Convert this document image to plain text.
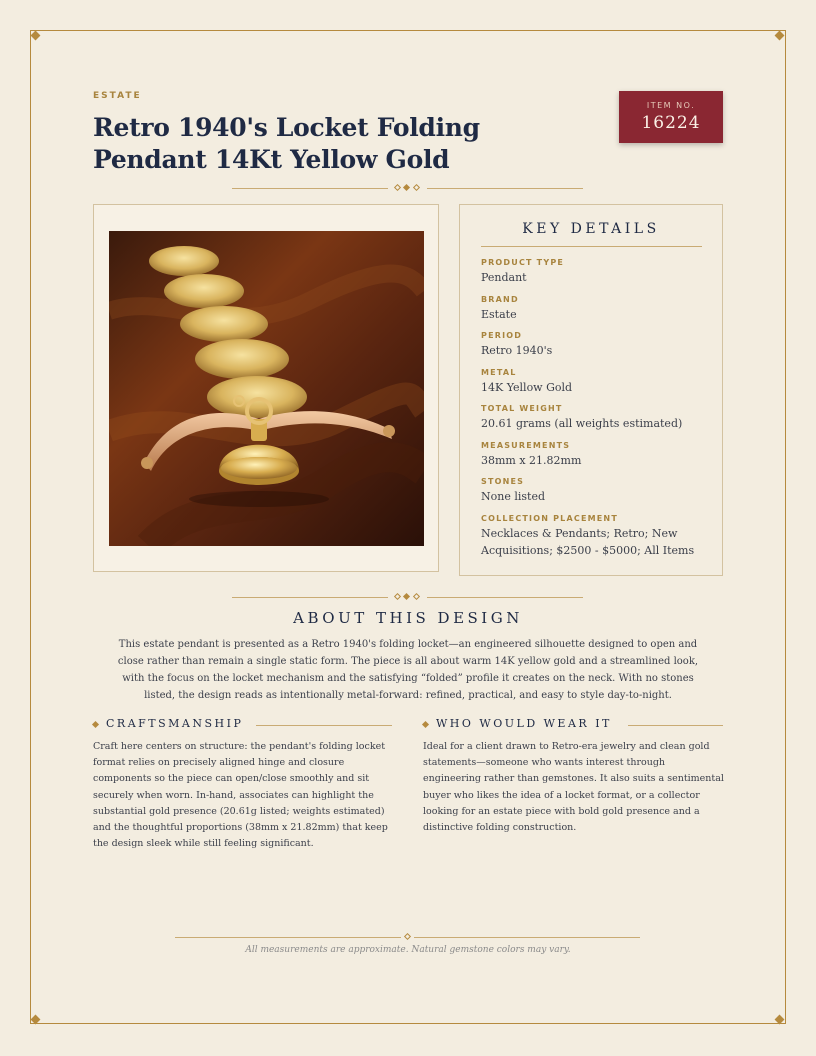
ESTATE
Retro 1940's Locket Folding Pendant 14Kt Yellow Gold
ITEM NO.
16224
KEY DETAILS
PRODUCT TYPE
Pendant
BRAND
Estate
PERIOD
Retro 1940's
METAL
14K Yellow Gold
TOTAL WEIGHT
20.61 grams (all weights estimated)
MEASUREMENTS
38mm x 21.82mm
STONES
None listed
COLLECTION PLACEMENT
Necklaces & Pendants; Retro; New Acquisitions; $2500 - $5000; All Items
ABOUT THIS DESIGN

This estate pendant is presented as a Retro 1940's folding locket—an engineered silhouette designed to open and close rather than remain a single static form. The piece is all about warm 14K yellow gold and a streamlined look, with the focus on the locket mechanism and the satisfying “folded” profile it creates on the neck. With no stones listed, the design reads as intentionally metal-forward: refined, practical, and easy to style day-to-night.

CRAFTSMANSHIP

Craft here centers on structure: the pendant's folding locket format relies on precisely aligned hinge and closure components so the piece can open/close smoothly and sit securely when worn. In-hand, associates can highlight the substantial gold presence (20.61g listed; weights estimated) and the thoughtful proportions (38mm x 21.82mm) that keep the design sleek while still feeling significant.

WHO WOULD WEAR IT

Ideal for a client drawn to Retro-era jewelry and clean gold statements—someone who wants interest through engineering rather than gemstones. It also suits a sentimental buyer who likes the idea of a locket format, or a collector looking for an estate piece with bold gold presence and a distinctive folding construction.

All measurements are approximate. Natural gemstone colors may vary.
